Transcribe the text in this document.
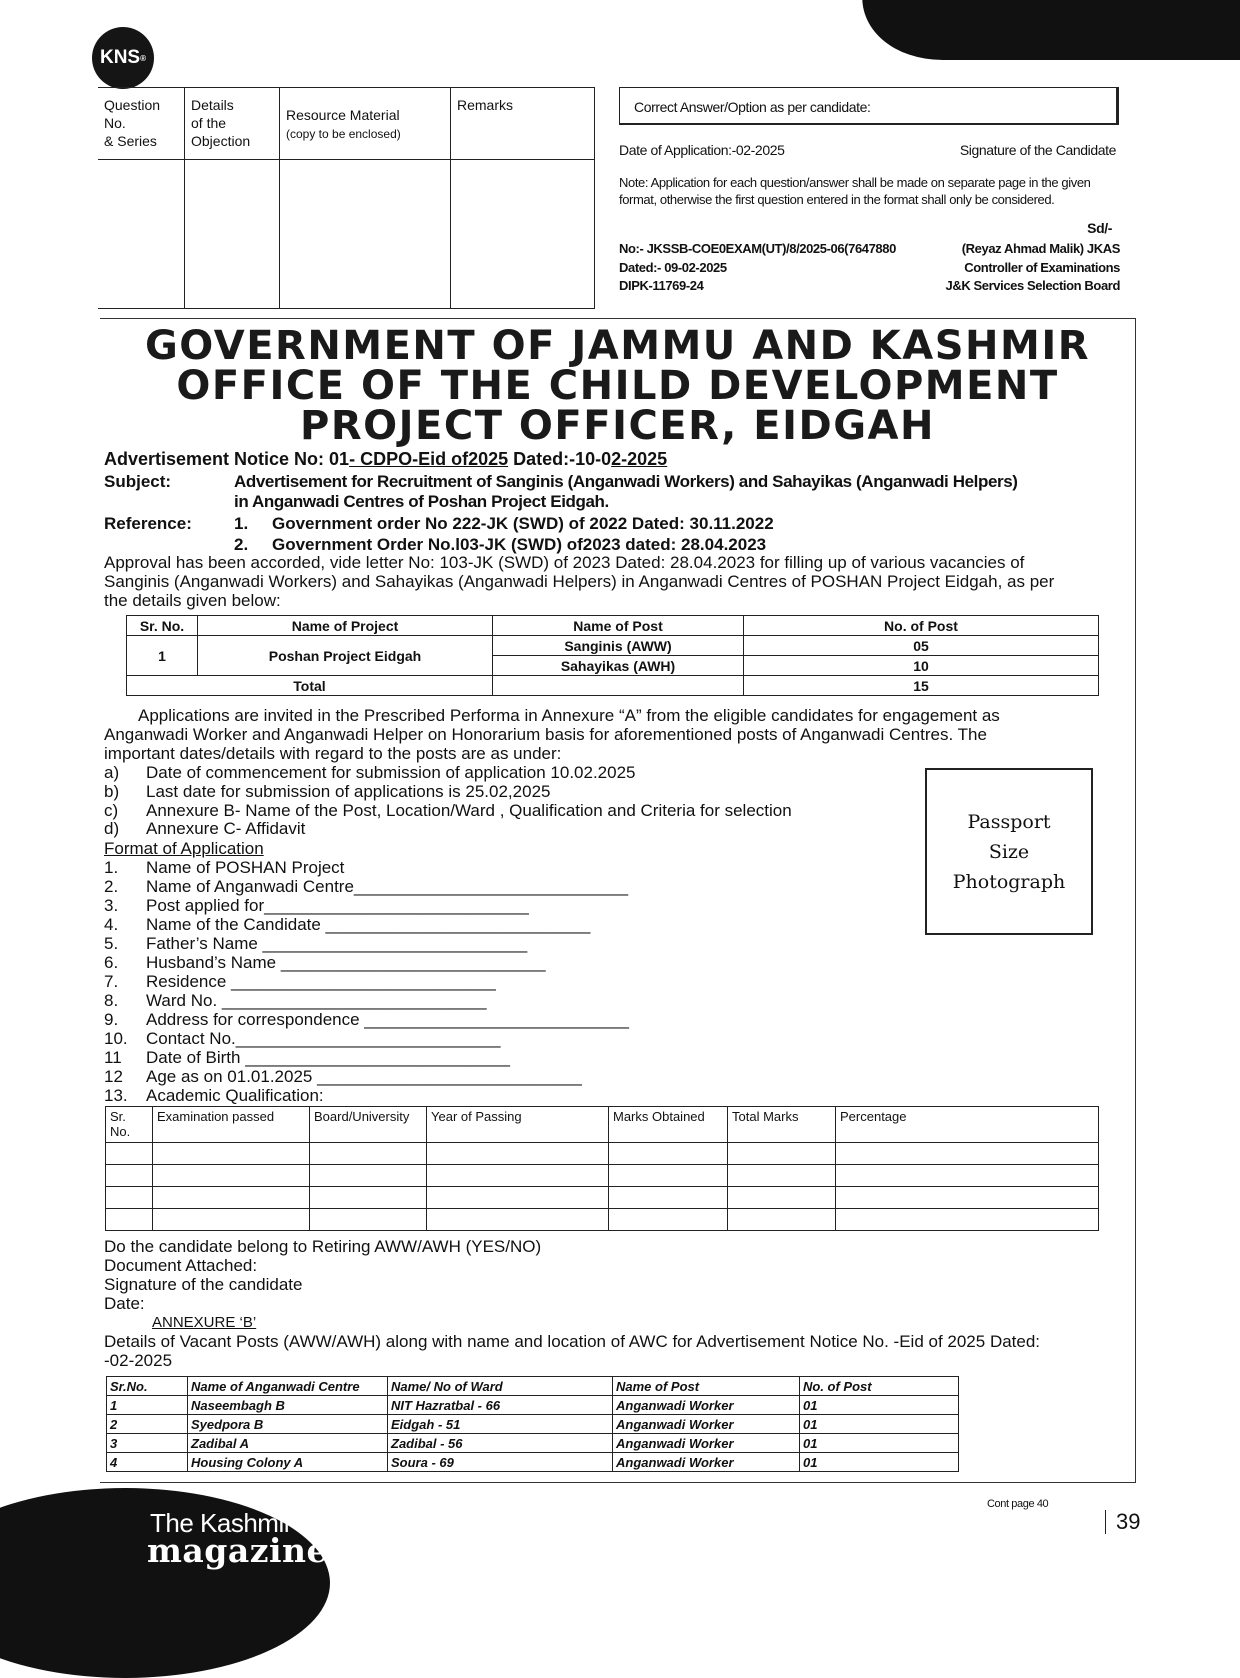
KNS ®
Question
No.
& Series	Details
of the
Objection	Resource Material
(copy to be enclosed)	Remarks
				Correct Answer/Option as per candidate:
Date of Application:-02-2025	Signature of the Candidate
Note: Application for each question/answer shall be made on separate page in the given format, otherwise the first question entered in the format shall only be considered.
Sd/-
No:- JKSSB-COE0EXAM(UT)/8/2025-06(7647880
Dated:- 09-02-2025
DIPK-11769-24
(Reyaz Ahmad Malik) JKAS
Controller of Examinations
J&K Services Selection Board
GOVERNMENT OF JAMMU AND KASHMIR
OFFICE OF THE CHILD DEVELOPMENT
PROJECT OFFICER, EIDGAH
Advertisement Notice No: 01- CDPO-Eid of2025 Dated:-10-02-2025
Subject:	Advertisement for Recruitment of Sanginis (Anganwadi Workers) and Sahayikas (Anganwadi Helpers)
in Anganwadi Centres of Poshan Project Eidgah.
Reference: 1. Government order No 222-JK (SWD) of 2022 Dated: 30.11.2022
2. Government Order No.l03-JK (SWD) of2023 dated: 28.04.2023
Approval has been accorded, vide letter No: 103-JK (SWD) of 2023 Dated: 28.04.2023 for filling up of various vacancies of
Sanginis (Anganwadi Workers) and Sahayikas (Anganwadi Helpers) in Anganwadi Centres of POSHAN Project Eidgah, as per
the details given below:
Sr. No.	Name of Project	Name of Post	No. of Post
1	Poshan Project Eidgah	Sanginis (AWW)	05
		Sahayikas (AWH)	10
Total			15
Applications are invited in the Prescribed Performa in Annexure “A” from the eligible candidates for engagement as
Anganwadi Worker and Anganwadi Helper on Honorarium basis for aforementioned posts of Anganwadi Centres. The
important dates/details with regard to the posts are as under:
a) Date of commencement for submission of application 10.02.2025
b) Last date for submission of applications is 25.02,2025
c) Annexure B- Name of the Post, Location/Ward , Qualification and Criteria for selection
d) Annexure C- Affidavit	Passport
Size
Photograph
Format of Application
1. Name of POSHAN Project
2. Name of Anganwadi Centre_____________________________
3. Post applied for____________________________
4. Name of the Candidate ____________________________
5. Father’s Name ____________________________
6. Husband’s Name ____________________________
7. Residence ____________________________
8. Ward No. ____________________________
9. Address for correspondence ____________________________
10. Contact No.____________________________
11 Date of Birth ____________________________
12 Age as on 01.01.2025 ____________________________
13. Academic Qualification:
Sr.
No.	Examination passed	Board/University	Year of Passing	Marks Obtained	Total Marks	Percentage

Do the candidate belong to Retiring AWW/AWH (YES/NO)
Document Attached:
Signature of the candidate
Date:
ANNEXURE ‘B’
Details of Vacant Posts (AWW/AWH) along with name and location of AWC for Advertisement Notice No. -Eid of 2025 Dated:
-02-2025
Sr.No.	Name of Anganwadi Centre	Name/ No of Ward	Name of Post	No. of Post
1	Naseembagh B	NIT Hazratbal - 66	Anganwadi Worker	01
2	Syedpora B	Eidgah - 51	Anganwadi Worker	01
3	Zadibal A	Zadibal - 56	Anganwadi Worker	01
4	Housing Colony A	Soura - 69	Anganwadi Worker	01
Cont page 40
The Kashmir
magazine
39
